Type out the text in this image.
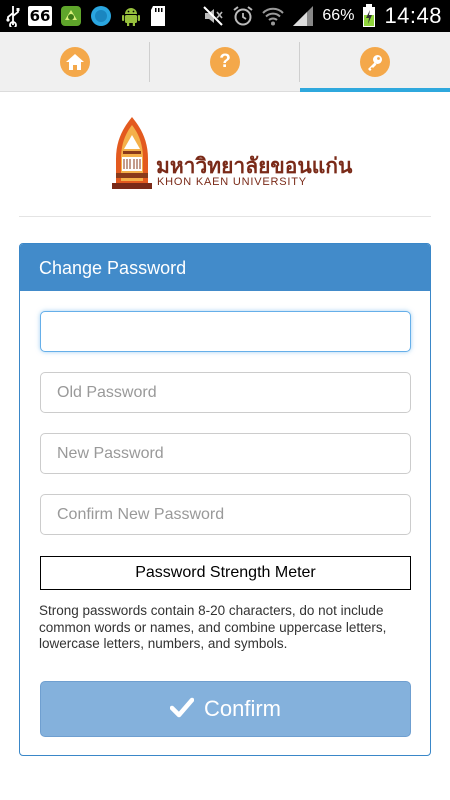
66	66% 14:48
?
มหาวิทยาลัยขอนแก่น
KHON KAEN UNIVERSITY
Change Password
Password Strength Meter
Strong passwords contain 8-20 characters, do not include common words or names, and combine uppercase letters, lowercase letters, numbers, and symbols.
Confirm
